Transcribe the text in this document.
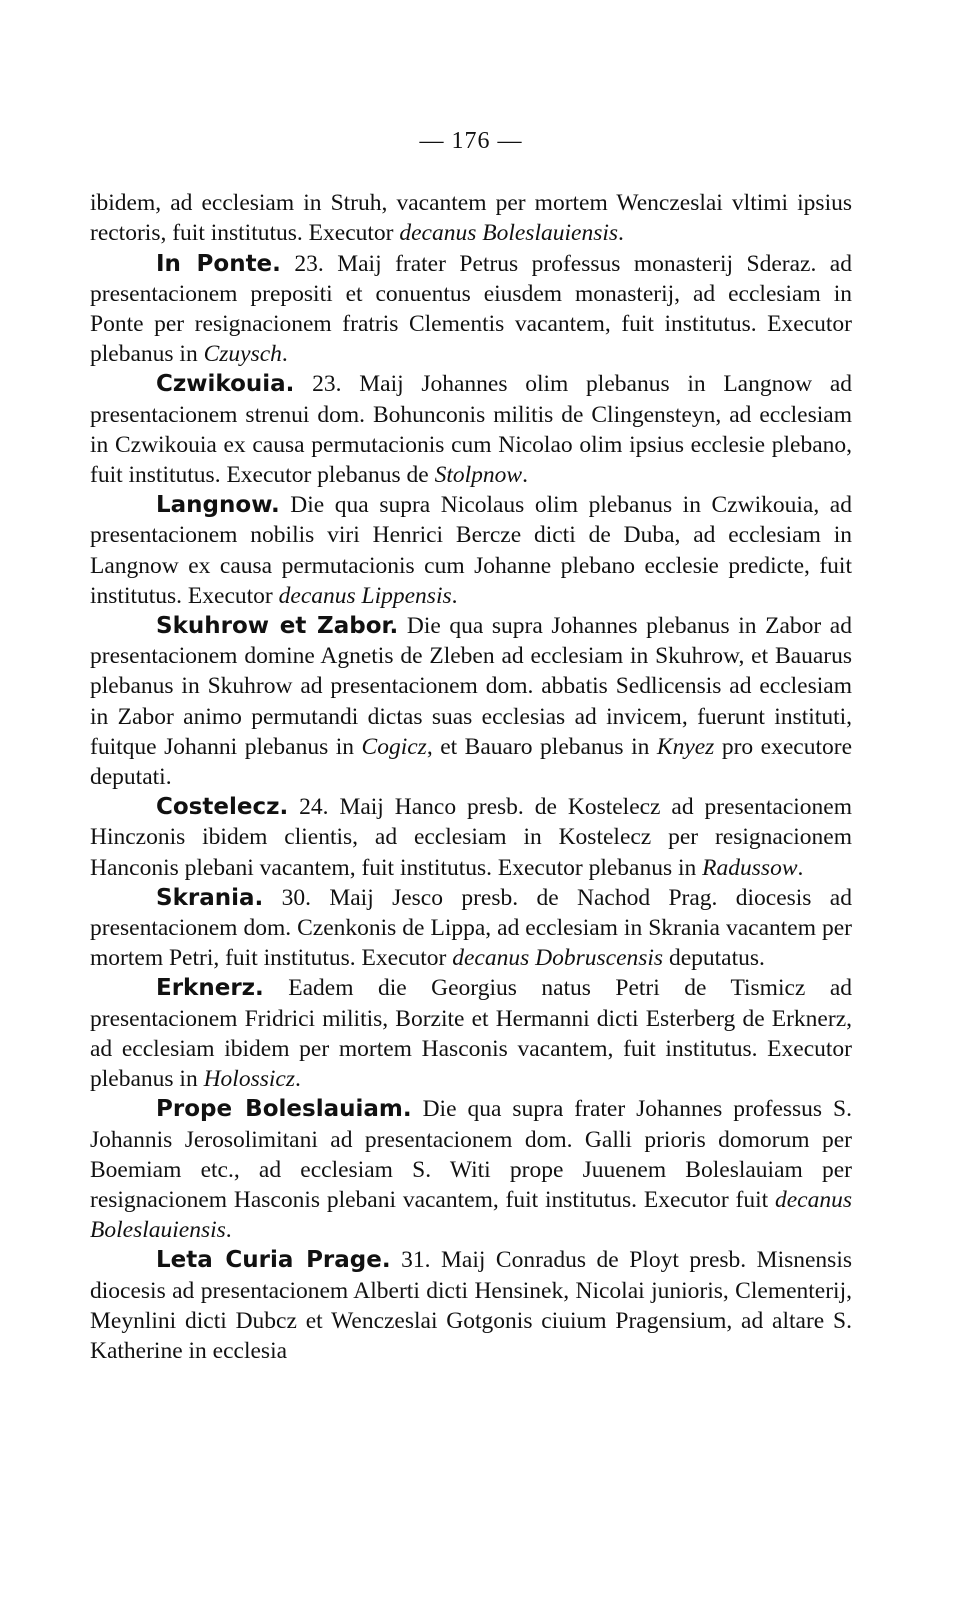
— 176 —

ibidem, ad ecclesiam in Struh, vacantem per mortem Wenczeslai vltimi ipsius rectoris, fuit institutus. Executor decanus Boleslauiensis.

In Ponte. 23. Maij frater Petrus professus monasterij Sderaz. ad presentacionem prepositi et conuentus eiusdem monasterij, ad ecclesiam in Ponte per resignacionem fratris Clementis vacantem, fuit institutus. Executor plebanus in Czuysch.

Czwikouia. 23. Maij Johannes olim plebanus in Langnow ad presentacionem strenui dom. Bohunconis militis de Clingensteyn, ad ecclesiam in Czwikouia ex causa permutacionis cum Nicolao olim ipsius ecclesie plebano, fuit institutus. Executor plebanus de Stolpnow.

Langnow. Die qua supra Nicolaus olim plebanus in Czwikouia, ad presentacionem nobilis viri Henrici Bercze dicti de Duba, ad ecclesiam in Langnow ex causa permutacionis cum Johanne plebano ecclesie predicte, fuit institutus. Executor decanus Lippensis.

Skuhrow et Zabor. Die qua supra Johannes plebanus in Zabor ad presentacionem domine Agnetis de Zleben ad ecclesiam in Skuhrow, et Bauarus plebanus in Skuhrow ad presentacionem dom. abbatis Sedlicensis ad ecclesiam in Zabor animo permutandi dictas suas ecclesias ad invicem, fuerunt instituti, fuitque Johanni plebanus in Cogicz, et Bauaro plebanus in Knyez pro executore deputati.

Costelecz. 24. Maij Hanco presb. de Kostelecz ad presentacionem Hinczonis ibidem clientis, ad ecclesiam in Kostelecz per resignacionem Hanconis plebani vacantem, fuit institutus. Executor plebanus in Radussow.

Skrania. 30. Maij Jesco presb. de Nachod Prag. diocesis ad presentacionem dom. Czenkonis de Lippa, ad ecclesiam in Skrania vacantem per mortem Petri, fuit institutus. Executor decanus Dobruscensis deputatus.

Erknerz. Eadem die Georgius natus Petri de Tismicz ad presentacionem Fridrici militis, Borzite et Hermanni dicti Esterberg de Erknerz, ad ecclesiam ibidem per mortem Hasconis vacantem, fuit institutus. Executor plebanus in Holossicz.

Prope Boleslauiam. Die qua supra frater Johannes professus S. Johannis Jerosolimitani ad presentacionem dom. Galli prioris domorum per Boemiam etc., ad ecclesiam S. Witi prope Juuenem Boleslauiam per resignacionem Hasconis plebani vacantem, fuit institutus. Executor fuit decanus Boleslauiensis.

Leta Curia Prage. 31. Maij Conradus de Ployt presb. Misnensis diocesis ad presentacionem Alberti dicti Hensinek, Nicolai junioris, Clementerij, Meynlini dicti Dubcz et Wenczeslai Gotgonis ciuium Pragensium, ad altare S. Katherine in ecclesia
